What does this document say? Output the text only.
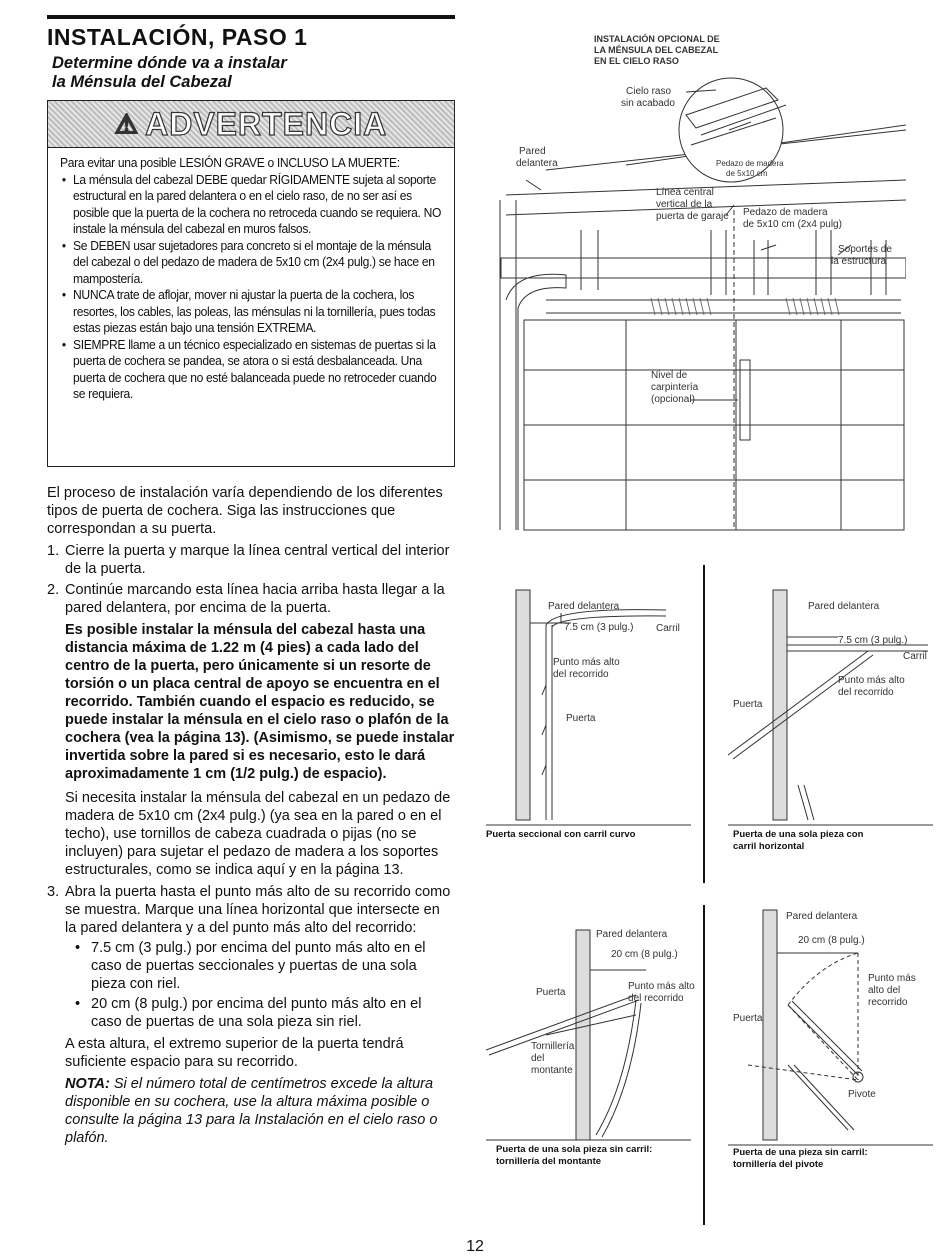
INSTALACIÓN, PASO 1
Determine dónde va a instalar
la Ménsula del Cabezal
⚠ ADVERTENCIA
Para evitar una posible LESIÓN GRAVE o INCLUSO LA MUERTE:
• La ménsula del cabezal DEBE quedar RÍGIDAMENTE sujeta al soporte estructural en la pared delantera o en el cielo raso, de no ser así es posible que la puerta de la cochera no retroceda cuando se requiera. NO instale la ménsula del cabezal en muros falsos.
• Se DEBEN usar sujetadores para concreto si el montaje de la ménsula del cabezal o del pedazo de madera de 5x10 cm (2x4 pulg.) se hace en mampostería.
• NUNCA trate de aflojar, mover ni ajustar la puerta de la cochera, los resortes, los cables, las poleas, las ménsulas ni la tornillería, pues todas estas piezas están bajo una tensión EXTREMA.
• SIEMPRE llame a un técnico especializado en sistemas de puertas si la puerta de cochera se pandea, se atora o si está desbalanceada. Una puerta de cochera que no esté balanceada puede no retroceder cuando se requiera.

El proceso de instalación varía dependiendo de los diferentes tipos de puerta de cochera. Siga las instrucciones que correspondan a su puerta.

1. Cierre la puerta y marque la línea central vertical del interior de la puerta.
2. Continúe marcando esta línea hacia arriba hasta llegar a la pared delantera, por encima de la puerta.
Es posible instalar la ménsula del cabezal hasta una distancia máxima de 1.22 m (4 pies) a cada lado del centro de la puerta, pero únicamente si un resorte de torsión o un placa central de apoyo se encuentra en el recorrido. También cuando el espacio es reducido, se puede instalar la ménsula en el cielo raso o plafón de la cochera (vea la página 13). (Asimismo, se puede instalar invertida sobre la pared si es necesario, esto le dará aproximadamente 1 cm (1/2 pulg.) de espacio).
Si necesita instalar la ménsula del cabezal en un pedazo de madera de 5x10 cm (2x4 pulg.) (ya sea en la pared o en el techo), use tornillos de cabeza cuadrada o pijas (no se incluyen) para sujetar el pedazo de madera a los soportes estructurales, como se indica aquí y en la página 13.
3. Abra la puerta hasta el punto más alto de su recorrido como se muestra. Marque una línea horizontal que intersecte en la pared delantera y a del punto más alto del recorrido:
• 7.5 cm (3 pulg.) por encima del punto más alto en el caso de puertas seccionales y puertas de una sola pieza con riel.
• 20 cm (8 pulg.) por encima del punto más alto en el caso de puertas de una sola pieza sin riel.
A esta altura, el extremo superior de la puerta tendrá suficiente espacio para su recorrido.
NOTA: Si el número total de centímetros excede la altura disponible en su cochera, use la altura máxima posible o consulte la página 13 para la Instalación en el cielo raso o plafón.
INSTALACIÓN OPCIONAL DE
LA MÉNSULA DEL CABEZAL
EN EL CIELO RASO
Cielo raso
sin acabado
Pedazo de madera
de 5x10 cm
Pared
delantera
Línea central
vertical de la
puerta de garaje Pedazo de madera
de 5x10 cm (2x4 pulg)
Soportes de
la estructura
Nivel de
carpintería
(opcional)
Pared delantera
7.5 cm (3 pulg.) Carril
Punto más alto
del recorrido
Puerta
Puerta seccional con carril curvo
Pared delantera
7.5 cm (3 pulg.)
Carril
Punto más alto
del recorrido
Puerta
Puerta de una sola pieza con
carril horizontal
Pared delantera
20 cm (8 pulg.)
Punto más alto
del recorrido
Puerta
Tornillería
del
montante
Puerta de una sola pieza sin carril:
tornillería del montante
Pared delantera
20 cm (8 pulg.)
Punto más
alto del
recorrido
Puerta
Pivote
Puerta de una pieza sin carril:
tornillería del pivote
12
